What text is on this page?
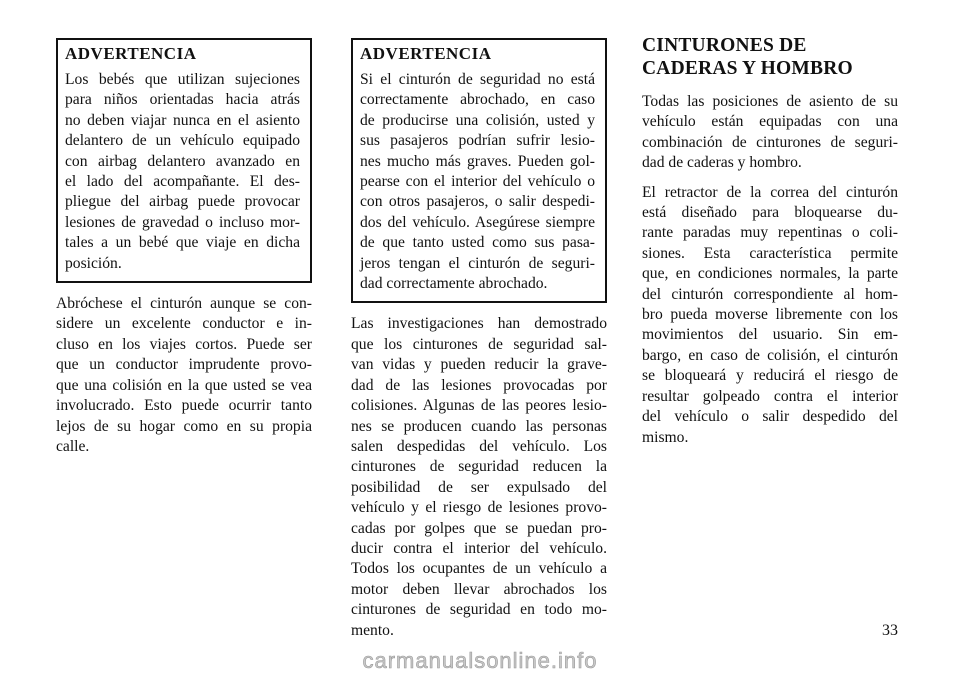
ADVERTENCIA

Los bebés que utilizan sujeciones
para niños orientadas hacia atrás
no deben viajar nunca en el asiento
delantero de un vehículo equipado
con airbag delantero avanzado en
el lado del acompañante. El des-
pliegue del airbag puede provocar
lesiones de gravedad o incluso mor-
tales a un bebé que viaje en dicha
posición.

Abróchese el cinturón aunque se con-
sidere un excelente conductor e in-
cluso en los viajes cortos. Puede ser
que un conductor imprudente provo-
que una colisión en la que usted se vea
involucrado. Esto puede ocurrir tanto
lejos de su hogar como en su propia
calle.

ADVERTENCIA

Si el cinturón de seguridad no está
correctamente abrochado, en caso
de producirse una colisión, usted y
sus pasajeros podrían sufrir lesio-
nes mucho más graves. Pueden gol-
pearse con el interior del vehículo o
con otros pasajeros, o salir despedi-
dos del vehículo. Asegúrese siempre
de que tanto usted como sus pasa-
jeros tengan el cinturón de seguri-
dad correctamente abrochado.

Las investigaciones han demostrado
que los cinturones de seguridad sal-
van vidas y pueden reducir la grave-
dad de las lesiones provocadas por
colisiones. Algunas de las peores lesio-
nes se producen cuando las personas
salen despedidas del vehículo. Los
cinturones de seguridad reducen la
posibilidad de ser expulsado del
vehículo y el riesgo de lesiones provo-
cadas por golpes que se puedan pro-
ducir contra el interior del vehículo.
Todos los ocupantes de un vehículo a
motor deben llevar abrochados los
cinturones de seguridad en todo mo-
mento.

CINTURONES DE
CADERAS Y HOMBRO

Todas las posiciones de asiento de su
vehículo están equipadas con una
combinación de cinturones de seguri-
dad de caderas y hombro.

El retractor de la correa del cinturón
está diseñado para bloquearse du-
rante paradas muy repentinas o coli-
siones. Esta característica permite
que, en condiciones normales, la parte
del cinturón correspondiente al hom-
bro pueda moverse libremente con los
movimientos del usuario. Sin em-
bargo, en caso de colisión, el cinturón
se bloqueará y reducirá el riesgo de
resultar golpeado contra el interior
del vehículo o salir despedido del
mismo.

33
carmanualsonline.info
